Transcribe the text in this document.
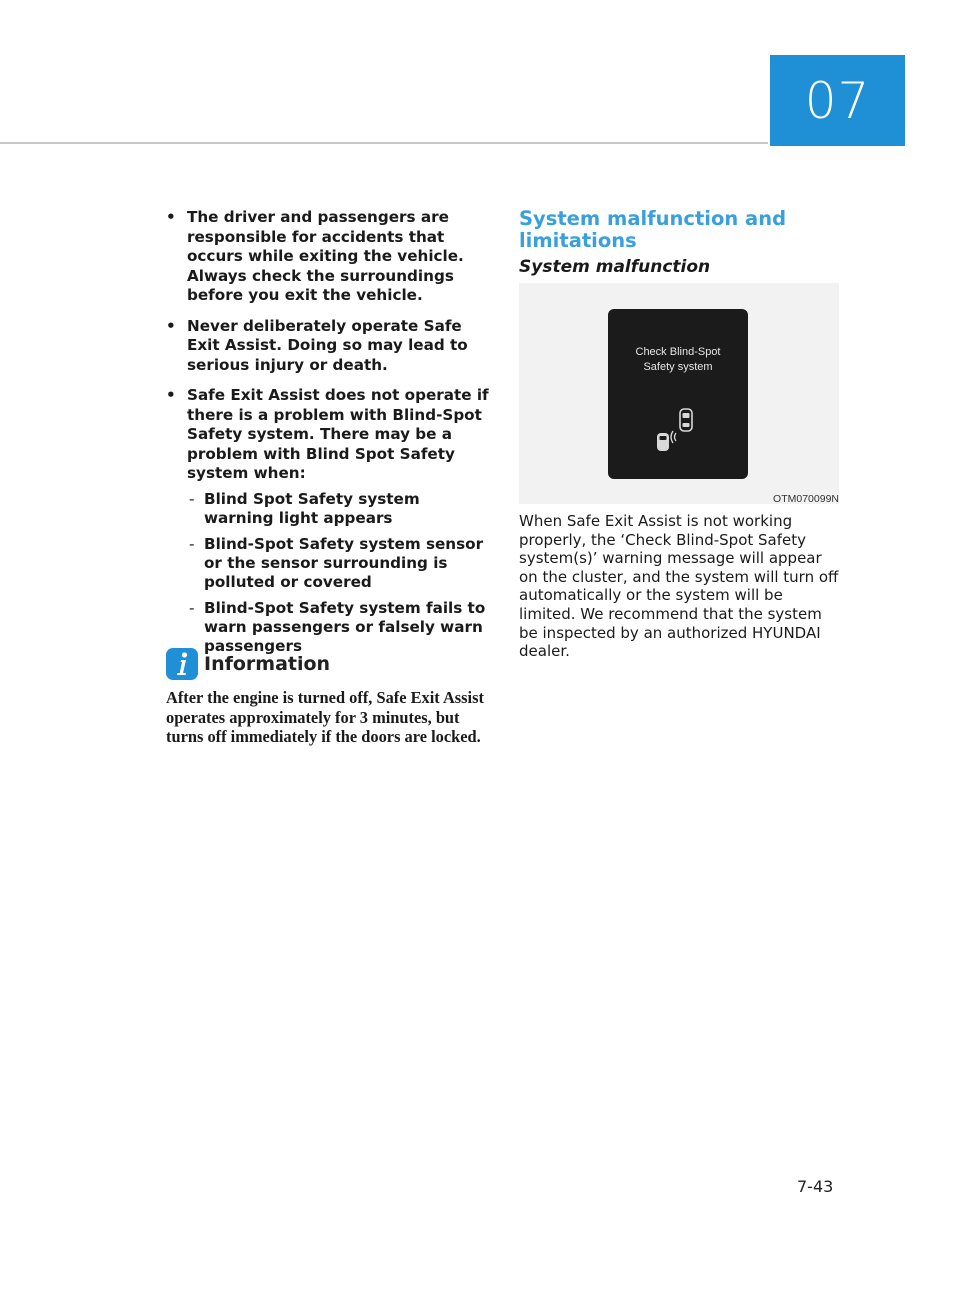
07
• The driver and passengers are responsible for accidents that occurs while exiting the vehicle. Always check the surroundings before you exit the vehicle.
• Never deliberately operate Safe Exit Assist. Doing so may lead to serious injury or death.
• Safe Exit Assist does not operate if there is a problem with Blind-Spot Safety system. There may be a problem with Blind Spot Safety system when:
- Blind Spot Safety system warning light appears
- Blind-Spot Safety system sensor or the sensor surrounding is polluted or covered
- Blind-Spot Safety system fails to warn passengers or falsely warn passengers
Information
After the engine is turned off, Safe Exit Assist operates approximately for 3 minutes, but turns off immediately if the doors are locked.
System malfunction and limitations
System malfunction
Check Blind-Spot
Safety system
OTM070099N

When Safe Exit Assist is not working properly, the ‘Check Blind-Spot Safety system(s)’ warning message will appear on the cluster, and the system will turn off automatically or the system will be limited. We recommend that the system be inspected by an authorized HYUNDAI dealer.

7-43
